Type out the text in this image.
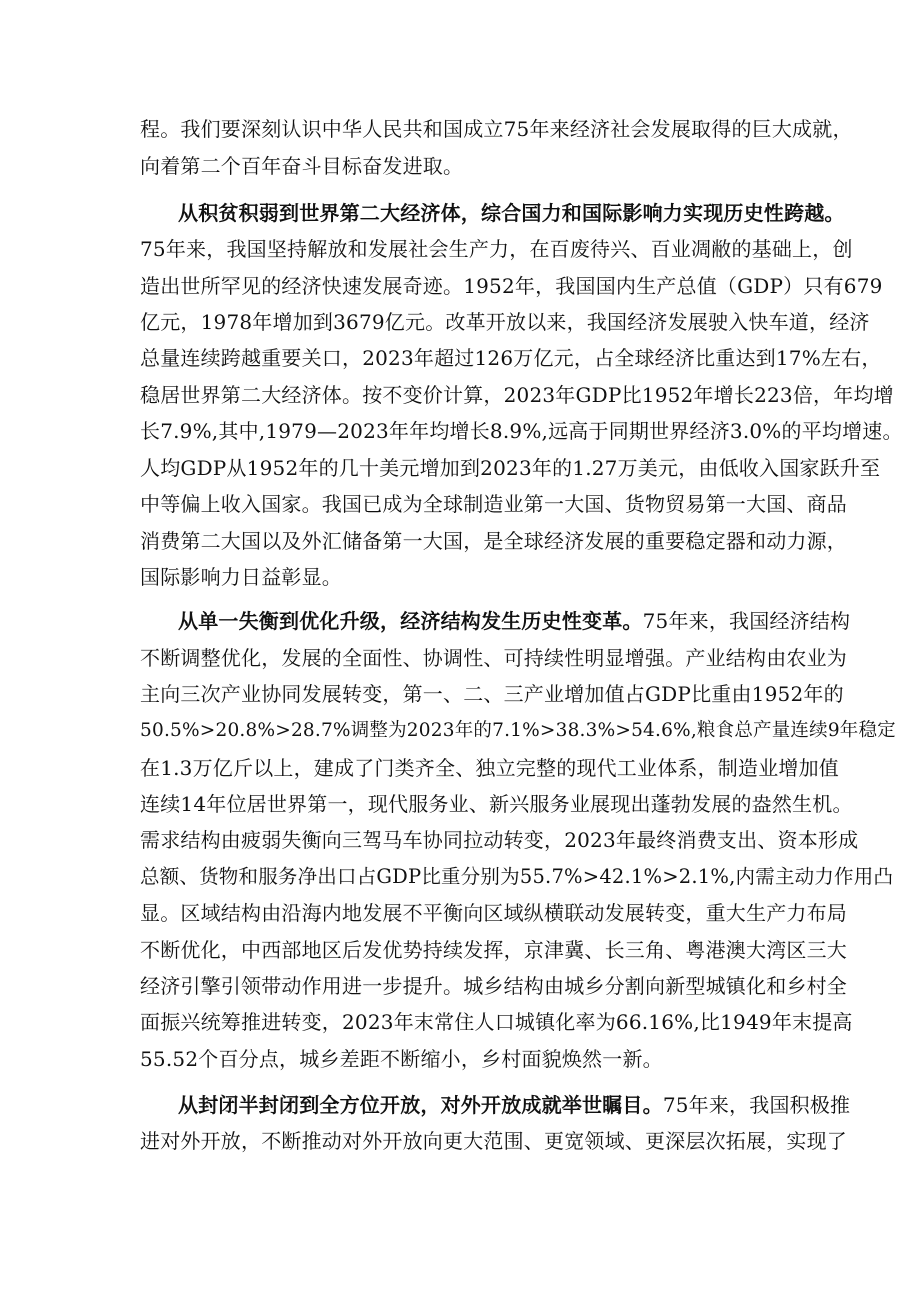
程。我们要深刻认识中华人民共和国成立75年来经济社会发展取得的巨大成就，
向着第二个百年奋斗目标奋发进取。
从积贫积弱到世界第二大经济体，综合国力和国际影响力实现历史性跨越。
75年来，我国坚持解放和发展社会生产力，在百废待兴、百业凋敝的基础上，创
造出世所罕见的经济快速发展奇迹。1952年，我国国内生产总值（GDP）只有679
亿元，1978年增加到3679亿元。改革开放以来，我国经济发展驶入快车道，经济
总量连续跨越重要关口，2023年超过126万亿元，占全球经济比重达到17%左右，
稳居世界第二大经济体。按不变价计算，2023年GDP比1952年增长223倍，年均增
长7.9%,其中,1979—2023年年均增长8.9%,远高于同期世界经济3.0%的平均增速。
人均GDP从1952年的几十美元增加到2023年的1.27万美元，由低收入国家跃升至
中等偏上收入国家。我国已成为全球制造业第一大国、货物贸易第一大国、商品
消费第二大国以及外汇储备第一大国，是全球经济发展的重要稳定器和动力源，
国际影响力日益彰显。
从单一失衡到优化升级，经济结构发生历史性变革。75年来，我国经济结构
不断调整优化，发展的全面性、协调性、可持续性明显增强。产业结构由农业为
主向三次产业协同发展转变，第一、二、三产业增加值占GDP比重由1952年的
50.5%>20.8%>28.7%调整为2023年的7.1%>38.3%>54.6%,粮食总产量连续9年稳定
在1.3万亿斤以上，建成了门类齐全、独立完整的现代工业体系，制造业增加值
连续14年位居世界第一，现代服务业、新兴服务业展现出蓬勃发展的盎然生机。
需求结构由疲弱失衡向三驾马车协同拉动转变，2023年最终消费支出、资本形成
总额、货物和服务净出口占GDP比重分别为55.7%>42.1%>2.1%,内需主动力作用凸
显。区域结构由沿海内地发展不平衡向区域纵横联动发展转变，重大生产力布局
不断优化，中西部地区后发优势持续发挥，京津冀、长三角、粤港澳大湾区三大
经济引擎引领带动作用进一步提升。城乡结构由城乡分割向新型城镇化和乡村全
面振兴统筹推进转变，2023年末常住人口城镇化率为66.16%,比1949年末提高
55.52个百分点，城乡差距不断缩小，乡村面貌焕然一新。
从封闭半封闭到全方位开放，对外开放成就举世瞩目。75年来，我国积极推
进对外开放，不断推动对外开放向更大范围、更宽领域、更深层次拓展，实现了
